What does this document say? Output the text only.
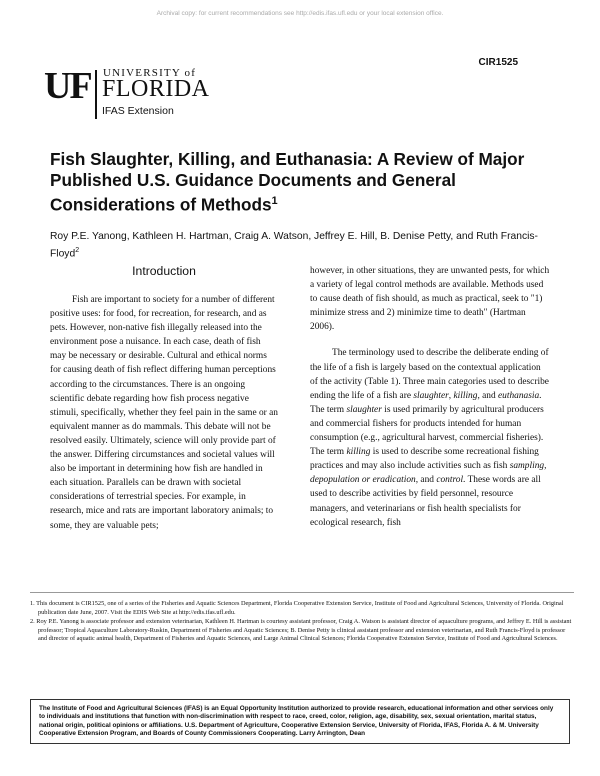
Archival copy: for current recommendations see http://edis.ifas.ufl.edu or your local extension office.
CIR1525
UF UNIVERSITY of
FLORIDA
IFAS Extension
Fish Slaughter, Killing, and Euthanasia: A Review of Major Published U.S. Guidance Documents and General Considerations of Methods$^1$
Roy P.E. Yanong, Kathleen H. Hartman, Craig A. Watson, Jeffrey E. Hill, B. Denise Petty, and Ruth Francis-Floyd$^2$
Introduction

Fish are important to society for a number of different positive uses: for food, for recreation, for research, and as pets. However, non-native fish illegally released into the environment pose a nuisance. In each case, death of fish may be necessary or desirable. Cultural and ethical norms for causing death of fish reflect differing human perceptions according to the circumstances. There is an ongoing scientific debate regarding how fish process negative stimuli, specifically, whether they feel pain in the same or an equivalent manner as do mammals. This debate will not be resolved easily. Ultimately, science will only provide part of the answer. Differing circumstances and societal values will also be important in determining how fish are handled in each situation. Parallels can be drawn with societal considerations of terrestrial species. For example, in research, mice and rats are important laboratory animals; to some, they are valuable pets;

however, in other situations, they are unwanted pests, for which a variety of legal control methods are available. Methods used to cause death of fish should, as much as practical, seek to "1) minimize stress and 2) minimize time to death" (Hartman 2006).

The terminology used to describe the deliberate ending of the life of a fish is largely based on the contextual application of the activity (Table 1). Three main categories used to describe ending the life of a fish are slaughter, killing, and euthanasia. The term slaughter is used primarily by agricultural producers and commercial fishers for products intended for human consumption (e.g., agricultural harvest, commercial fisheries). The term killing is used to describe some recreational fishing practices and may also include activities such as fish sampling, depopulation or eradication, and control. These words are all used to describe activities by field personnel, resource managers, and veterinarians or fish health specialists for ecological research, fish

1. This document is CIR1525, one of a series of the Fisheries and Aquatic Sciences Department, Florida Cooperative Extension Service, Institute of Food and Agricultural Sciences, University of Florida. Original publication date June, 2007. Visit the EDIS Web Site at http://edis.ifas.ufl.edu.

2. Roy P.E. Yanong is associate professor and extension veterinarian, Kathleen H. Hartman is courtesy assistant professor, Craig A. Watson is assistant director of aquaculture programs, and Jeffrey E. Hill is assistant professor; Tropical Aquaculture Laboratory-Ruskin, Department of Fisheries and Aquatic Sciences; B. Denise Petty is clinical assistant professor and extension veterinarian, and Ruth Francis-Floyd is professor and director of aquatic animal health, Department of Fisheries and Aquatic Sciences, and Large Animal Clinical Sciences; Florida Cooperative Extension Service, Institute of Food and Agricultural Sciences.

The Institute of Food and Agricultural Sciences (IFAS) is an Equal Opportunity Institution authorized to provide research, educational information and other services only to individuals and institutions that function with non-discrimination with respect to race, creed, color, religion, age, disability, sex, sexual orientation, marital status, national origin, political opinions or affiliations. U.S. Department of Agriculture, Cooperative Extension Service, University of Florida, IFAS, Florida A. & M. University Cooperative Extension Program, and Boards of County Commissioners Cooperating. Larry Arrington, Dean
